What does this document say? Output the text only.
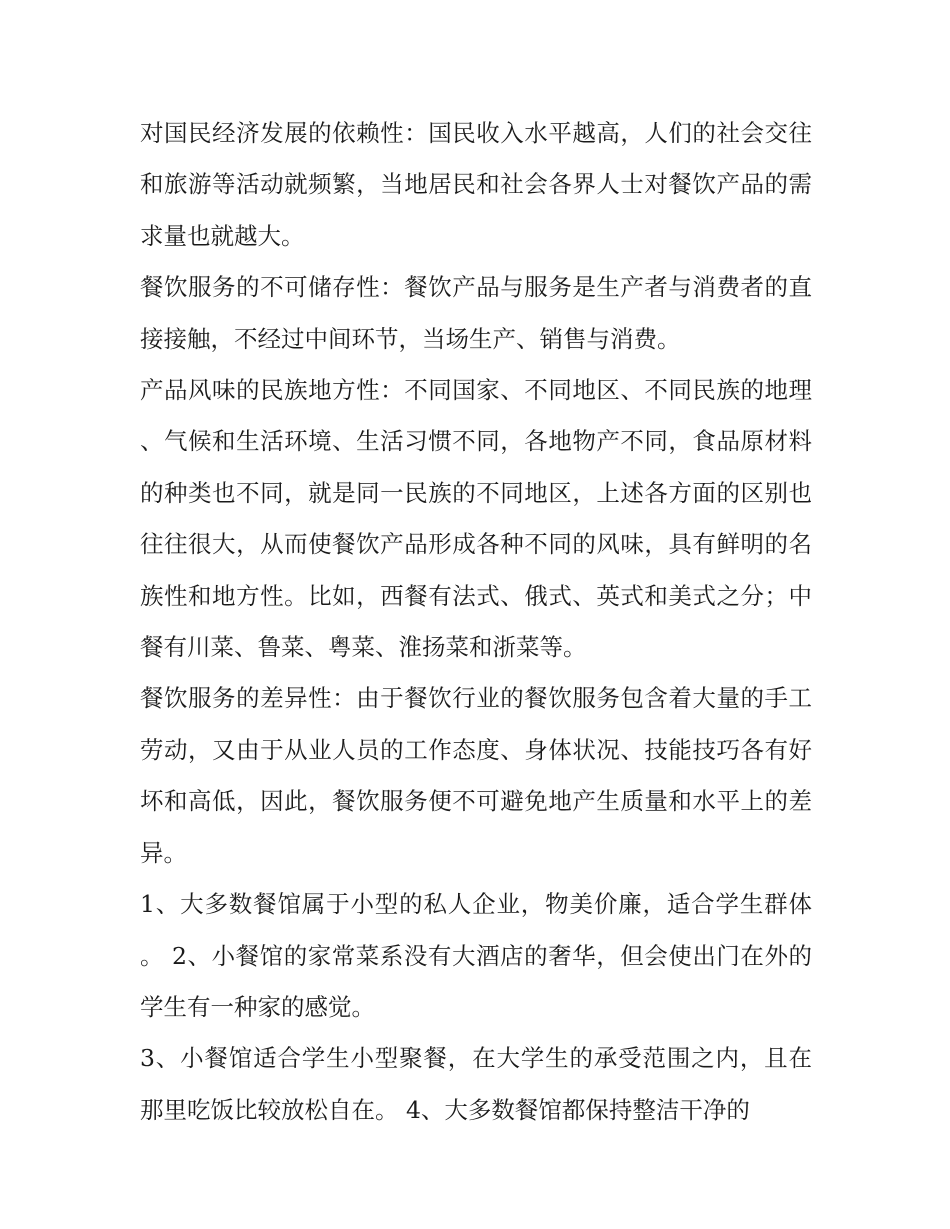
对国民经济发展的依赖性：国民收入水平越高，人们的社会交往和旅游等活动就频繁，当地居民和社会各界人士对餐饮产品的需求量也就越大。

餐饮服务的不可储存性：餐饮产品与服务是生产者与消费者的直接接触，不经过中间环节，当场生产、销售与消费。

产品风味的民族地方性：不同国家、不同地区、不同民族的地理、气候和生活环境、生活习惯不同，各地物产不同，食品原材料的种类也不同，就是同一民族的不同地区，上述各方面的区别也往往很大，从而使餐饮产品形成各种不同的风味，具有鲜明的名族性和地方性。比如，西餐有法式、俄式、英式和美式之分；中餐有川菜、鲁菜、粤菜、淮扬菜和浙菜等。

餐饮服务的差异性：由于餐饮行业的餐饮服务包含着大量的手工劳动，又由于从业人员的工作态度、身体状况、技能技巧各有好坏和高低，因此，餐饮服务便不可避免地产生质量和水平上的差异。

1、大多数餐馆属于小型的私人企业，物美价廉，适合学生群体。 2、小餐馆的家常菜系没有大酒店的奢华，但会使出门在外的学生有一种家的感觉。

3、小餐馆适合学生小型聚餐，在大学生的承受范围之内，且在那里吃饭比较放松自在。 4、大多数餐馆都保持整洁干净的
